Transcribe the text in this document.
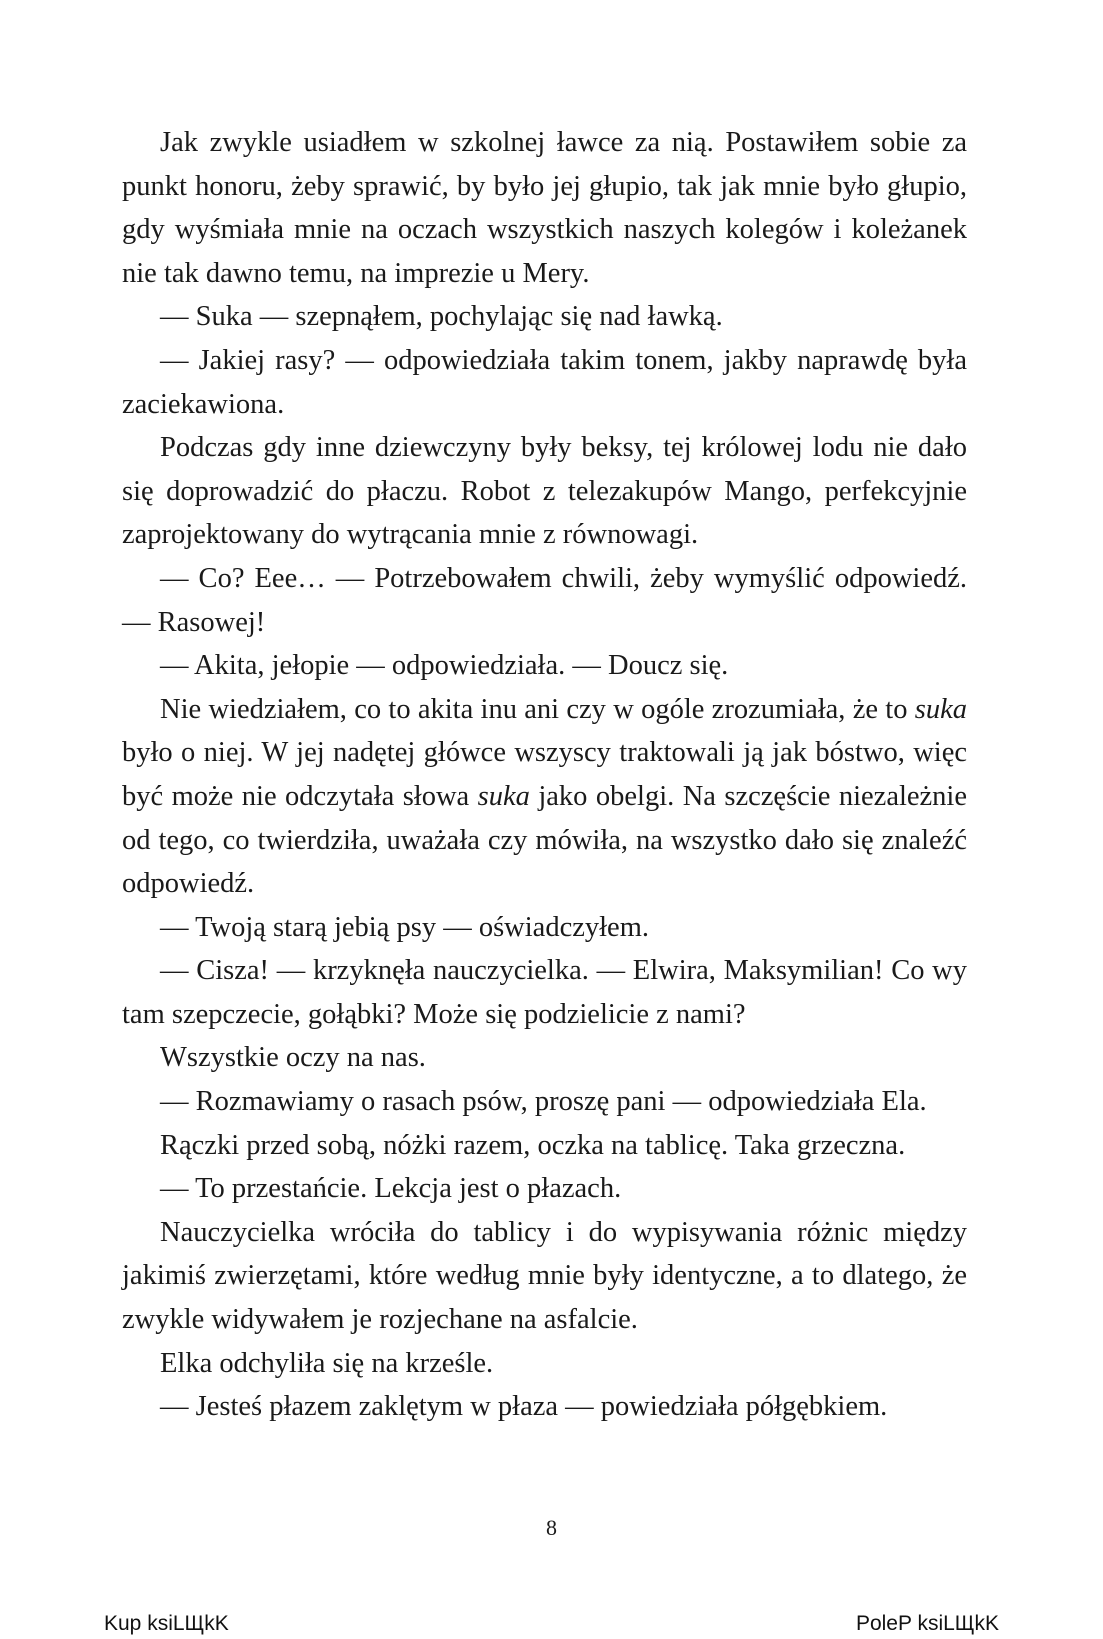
Jak zwykle usiadłem w szkolnej ławce za nią. Postawiłem sobie za punkt honoru, żeby sprawić, by było jej głupio, tak jak mnie było głupio, gdy wyśmiała mnie na oczach wszystkich naszych kolegów i koleżanek nie tak dawno temu, na imprezie u Mery.

— Suka — szepnąłem, pochylając się nad ławką.

— Jakiej rasy? — odpowiedziała takim tonem, jakby naprawdę była zaciekawiona.

Podczas gdy inne dziewczyny były beksy, tej królowej lodu nie dało się doprowadzić do płaczu. Robot z telezakupów Mango, perfekcyjnie zaprojektowany do wytrącania mnie z równowagi.

— Co? Eee… — Potrzebowałem chwili, żeby wymyślić odpowiedź. — Rasowej!

— Akita, jełopie — odpowiedziała. — Doucz się.

Nie wiedziałem, co to akita inu ani czy w ogóle zrozumiała, że to suka było o niej. W jej nadętej główce wszyscy traktowali ją jak bóstwo, więc być może nie odczytała słowa suka jako obelgi. Na szczęście niezależnie od tego, co twierdziła, uważała czy mówiła, na wszystko dało się znaleźć odpowiedź.

— Twoją starą jebią psy — oświadczyłem.

— Cisza! — krzyknęła nauczycielka. — Elwira, Maksymilian! Co wy tam szepczecie, gołąbki? Może się podzielicie z nami?

Wszystkie oczy na nas.

— Rozmawiamy o rasach psów, proszę pani — odpowiedziała Ela.

Rączki przed sobą, nóżki razem, oczka na tablicę. Taka grzeczna.

— To przestańcie. Lekcja jest o płazach.

Nauczycielka wróciła do tablicy i do wypisywania różnic między jakimiś zwierzętami, które według mnie były identyczne, a to dlatego, że zwykle widywałem je rozjechane na asfalcie.

Elka odchyliła się na krześle.

— Jesteś płazem zaklętym w płaza — powiedziała półgębkiem.

8
Kup ksiLЩkK	PoleP ksiLЩkK
